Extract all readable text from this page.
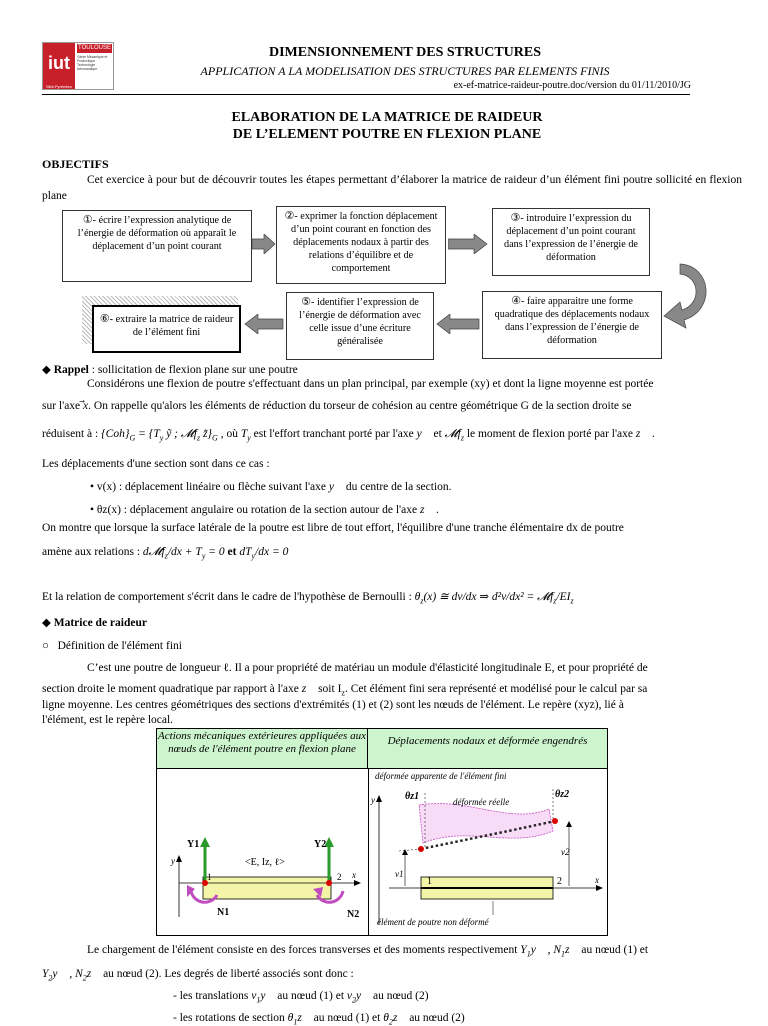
iut
TOULOUSE
Génie Mécanique et Productique Technologie Aéronautique
Midi-Pyrénées
DIMENSIONNEMENT DES STRUCTURES
APPLICATION A LA MODELISATION DES STRUCTURES PAR ELEMENTS FINIS
ex-ef-matrice-raideur-poutre.doc/version du 01/11/2010/JG
ELABORATION DE LA MATRICE DE RAIDEUR
DE L’ELEMENT POUTRE EN FLEXION PLANE
OBJECTIFS
Cet exercice à pour but de découvrir toutes les étapes permettant d’élaborer la matrice de raideur d’un élément fini poutre sollicité en flexion plane
①- écrire l’expression analytique de l’énergie de déformation où apparaît le déplacement d’un point courant
②- exprimer la fonction déplacement d’un point courant en fonction des déplacements nodaux à partir des relations d’équilibre et de comportement
③- introduire l’expression du déplacement d’un point courant dans l’expression de l’énergie de déformation
④- faire apparaitre une forme quadratique des déplacements nodaux dans l’expression de l’énergie de déformation
⑤- identifier l’expression de l’énergie de déformation avec celle issue d’une écriture généralisée
⑥- extraire la matrice de raideur de l’élément fini
◆ Rappel : sollicitation de flexion plane sur une poutre
Considérons une flexion de poutre s'effectuant dans un plan principal, par exemple (xy) et dont la ligne moyenne est portée
sur l'axe ⃗x. On rappelle qu'alors les éléments de réduction du torseur de cohésion au centre géométrique G de la section droite se
réduisent à : $\{Coh\}_G = \{T_y$ ỹ ; 𝓜f$_z$ $z̃\}_G$ , où $T_y$ est l'effort tranchant porté par l'axe y⃗ et 𝓜f$_z$ le moment de flexion porté par l'axe z⃗ .
Les déplacements d'une section sont dans ce cas :
• v(x) : déplacement linéaire ou flèche suivant l'axe y⃗ du centre de la section.
• θz(x) : déplacement angulaire ou rotation de la section autour de l'axe z⃗ .
On montre que lorsque la surface latérale de la poutre est libre de tout effort, l'équilibre d'une tranche élémentaire dx de poutre
amène aux relations : d𝓜f$_z$/dx + $T_y = 0$ et $dT_y/dx = 0$
Et la relation de comportement s'écrit dans le cadre de l'hypothèse de Bernoulli : $\theta_z(x)$ ≅ dv/dx ⇒ $d^2v/dx^2 = 𝓜f_z/EI_z$
◆ Matrice de raideur
○ Définition de l'élément fini
C’est une poutre de longueur ℓ. Il a pour propriété de matériau un module d'élasticité longitudinale E, et pour propriété de
section droite le moment quadratique par rapport à l'axe z⃗ soit $I_z$. Cet élément fini sera représenté et modélisé pour le calcul par sa
ligne moyenne. Les centres géométriques des sections d'extrémités (1) et (2) sont les nœuds de l'élément. Le repère (xyz), lié à
l'élément, est le repère local.
Actions mécaniques extérieures appliquées aux nœuds de l'élément poutre en flexion plane
Déplacements nodaux et déformée engendrés
y
x
1	2
Y1	Y2
<E, Iz, ℓ>
N1	N2
y
x
1	2
déformée apparente de l'élément fini
déformée réelle
θz1	θz2
v1
v2
élément de poutre non déformé
Le chargement de l'élément consiste en des forces transverses et des moments respectivement $Y_1y⃗$ , $N_1z⃗$ au nœud (1) et
$Y_2y⃗$ , $N_2z⃗$ au nœud (2). Les degrés de liberté associés sont donc :
- les translations $v_1y⃗$ au nœud (1) et $v_2y⃗$ au nœud (2)
- les rotations de section $\theta_1z⃗$ au nœud (1) et $\theta_2z⃗$ au nœud (2)
